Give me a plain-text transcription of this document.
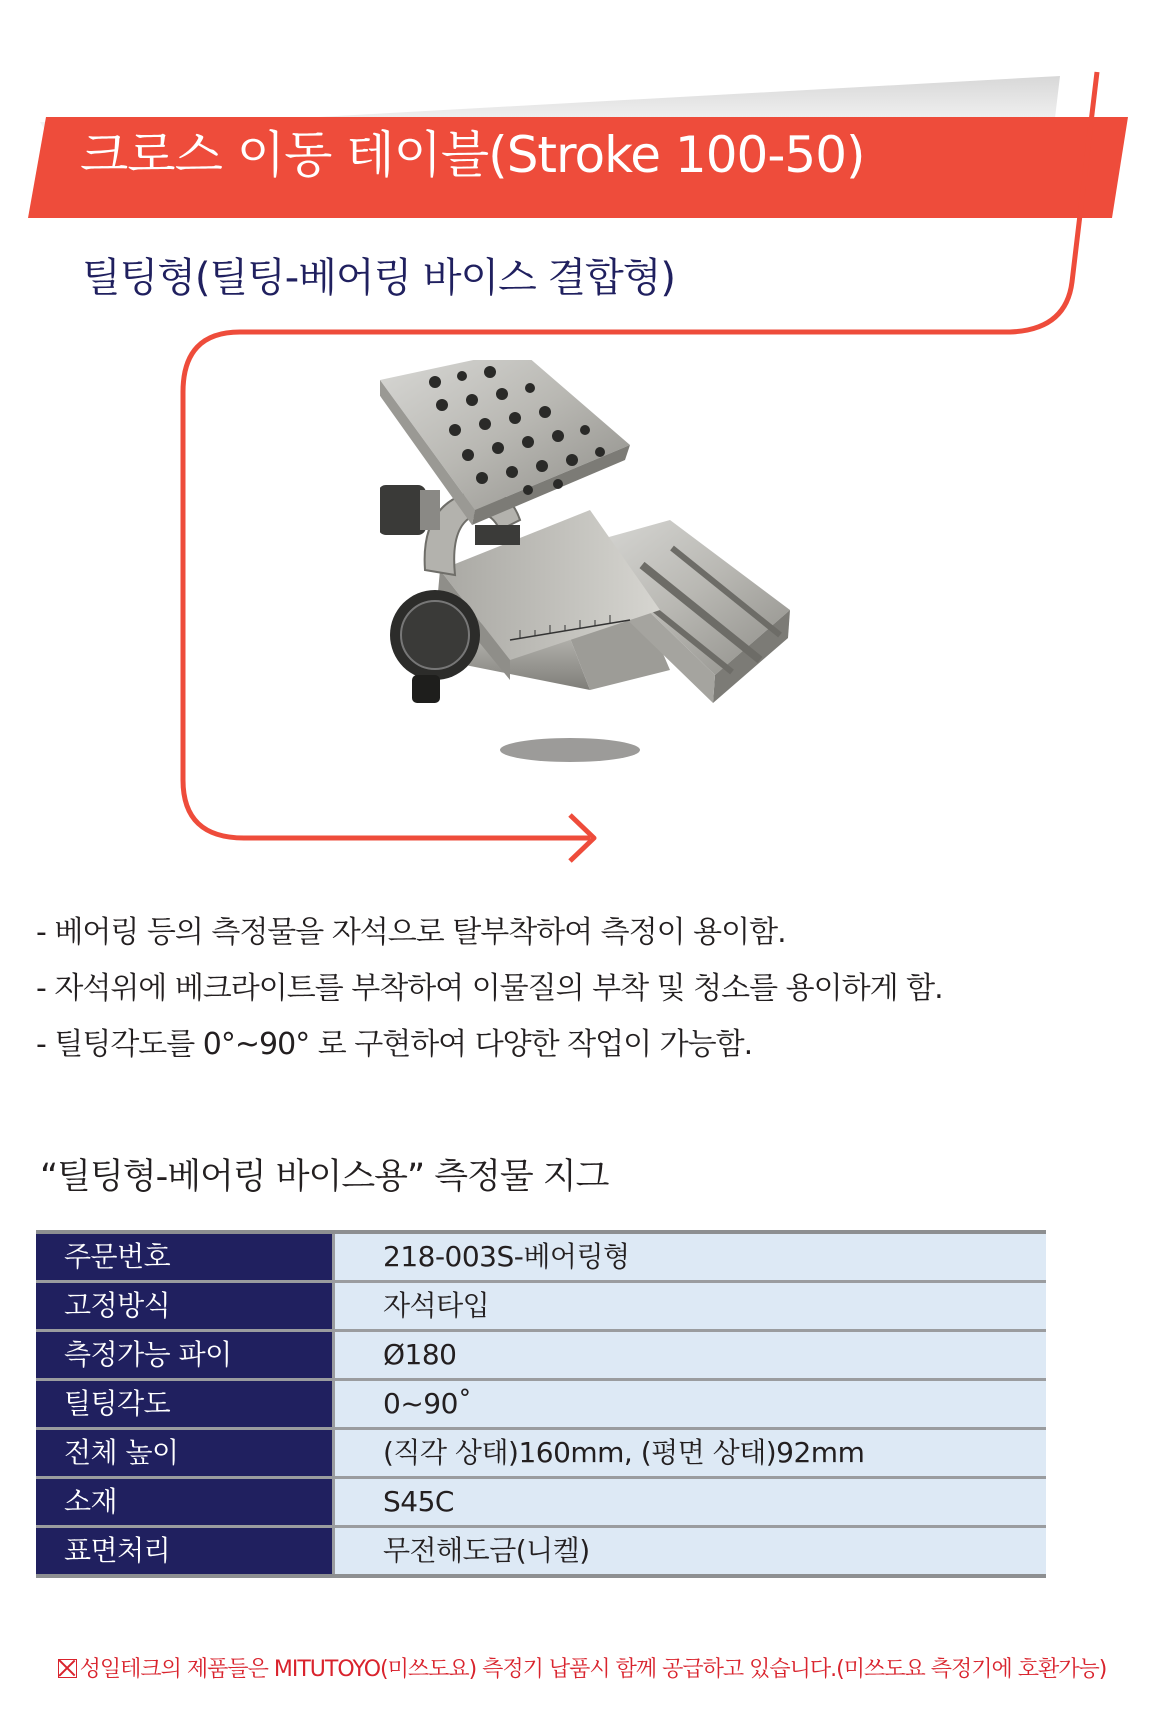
크로스 이동 테이블(Stroke 100-50)
틸팅형(틸팅-베어링 바이스 결합형)
- 베어링 등의 측정물을 자석으로 탈부착하여 측정이 용이함.
- 자석위에 베크라이트를 부착하여 이물질의 부착 및 청소를 용이하게 함.
- 틸팅각도를 0°~90° 로 구현하여 다양한 작업이 가능함.
“틸팅형-베어링 바이스용” 측정물 지그
주문번호	218-003S-베어링형
고정방식	자석타입
측정가능 파이	Ø180
틸팅각도	0~90˚
전체 높이	(직각 상태)160mm, (평면 상태)92mm
소재	S45C
표면처리	무전해도금(니켈)
성일테크의 제품들은 MITUTOYO(미쓰도요) 측정기 납품시 함께 공급하고 있습니다.(미쓰도요 측정기에 호환가능)
